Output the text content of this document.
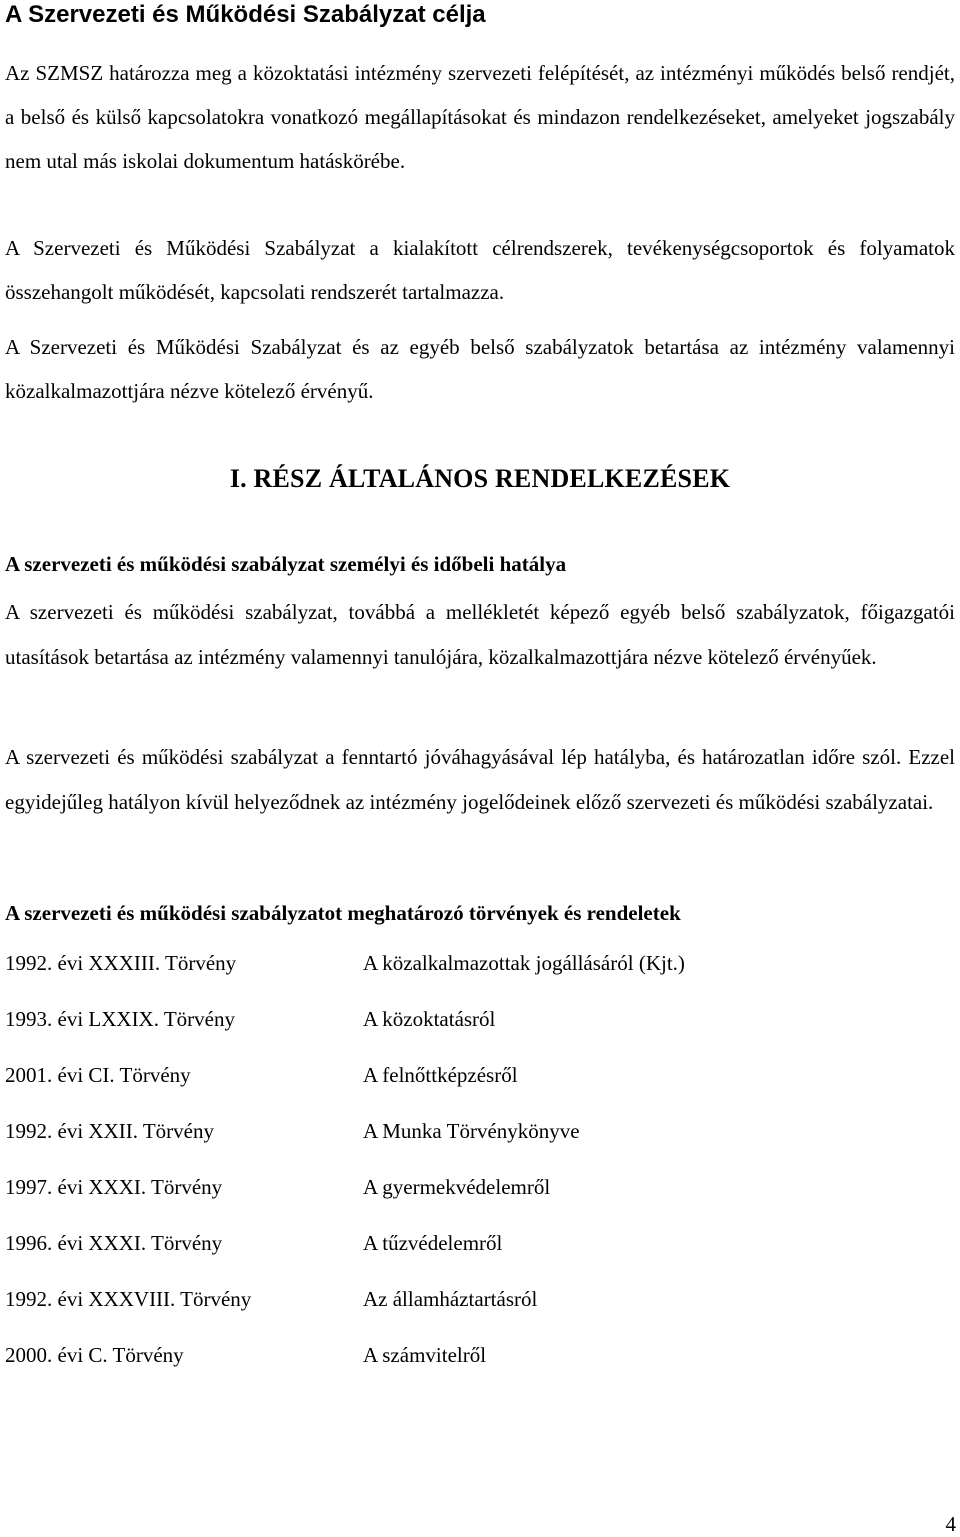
A Szervezeti és Működési Szabályzat célja

Az SZMSZ határozza meg a közoktatási intézmény szervezeti felépítését, az intézményi működés belső rendjét, a belső és külső kapcsolatokra vonatkozó megállapításokat és mindazon rendelkezéseket, amelyeket jogszabály nem utal más iskolai dokumentum hatáskörébe.

A Szervezeti és Működési Szabályzat a kialakított célrendszerek, tevékenységcsoportok és folyamatok összehangolt működését, kapcsolati rendszerét tartalmazza.

A Szervezeti és Működési Szabályzat és az egyéb belső szabályzatok betartása az intézmény valamennyi közalkalmazottjára nézve kötelező érvényű.

I. RÉSZ ÁLTALÁNOS RENDELKEZÉSEK
A szervezeti és működési szabályzat személyi és időbeli hatálya

A szervezeti és működési szabályzat, továbbá a mellékletét képező egyéb belső szabályzatok, főigazgatói utasítások betartása az intézmény valamennyi tanulójára, közalkalmazottjára nézve kötelező érvényűek.

A szervezeti és működési szabályzat a fenntartó jóváhagyásával lép hatályba, és határozatlan időre szól. Ezzel egyidejűleg hatályon kívül helyeződnek az intézmény jogelődeinek előző szervezeti és működési szabályzatai.

A szervezeti és működési szabályzatot meghatározó törvények és rendeletek
1992. évi XXXIII. Törvény	A közalkalmazottak jogállásáról (Kjt.)
1993. évi LXXIX. Törvény	A közoktatásról
2001. évi CI. Törvény	A felnőttképzésről
1992. évi XXII. Törvény	A Munka Törvénykönyve
1997. évi XXXI. Törvény	A gyermekvédelemről
1996. évi XXXI. Törvény	A tűzvédelemről
1992. évi XXXVIII. Törvény	Az államháztartásról
2000. évi C. Törvény	A számvitelről
4
